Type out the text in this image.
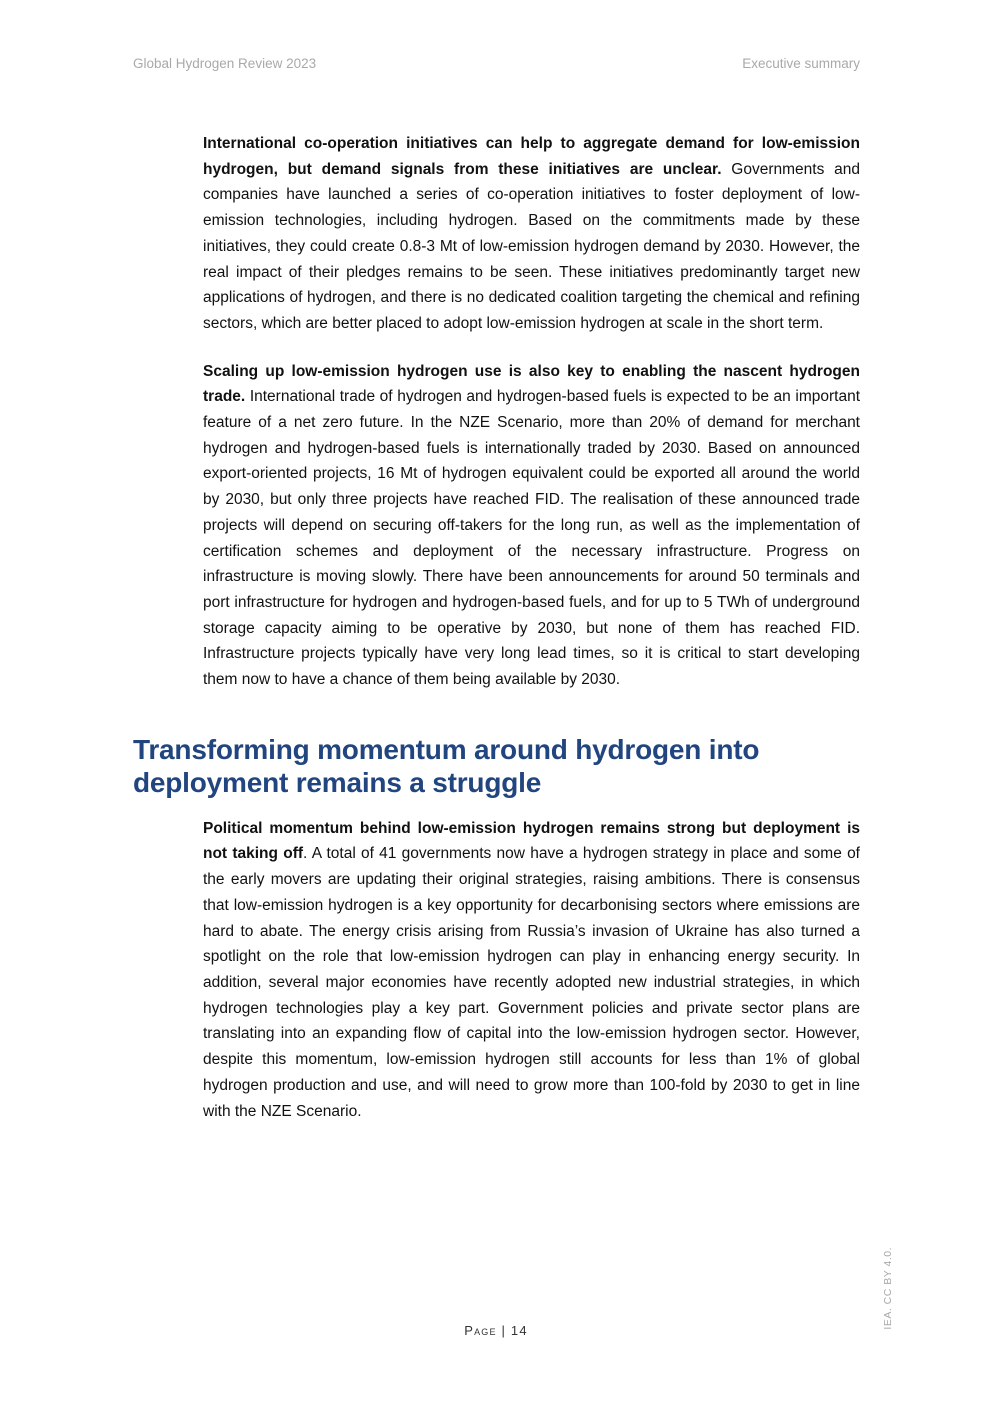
Global Hydrogen Review 2023	Executive summary

International co-operation initiatives can help to aggregate demand for low-emission hydrogen, but demand signals from these initiatives are unclear. Governments and companies have launched a series of co-operation initiatives to foster deployment of low-emission technologies, including hydrogen. Based on the commitments made by these initiatives, they could create 0.8-3 Mt of low-emission hydrogen demand by 2030. However, the real impact of their pledges remains to be seen. These initiatives predominantly target new applications of hydrogen, and there is no dedicated coalition targeting the chemical and refining sectors, which are better placed to adopt low-emission hydrogen at scale in the short term.

Scaling up low-emission hydrogen use is also key to enabling the nascent hydrogen trade. International trade of hydrogen and hydrogen-based fuels is expected to be an important feature of a net zero future. In the NZE Scenario, more than 20% of demand for merchant hydrogen and hydrogen-based fuels is internationally traded by 2030. Based on announced export-oriented projects, 16 Mt of hydrogen equivalent could be exported all around the world by 2030, but only three projects have reached FID. The realisation of these announced trade projects will depend on securing off-takers for the long run, as well as the implementation of certification schemes and deployment of the necessary infrastructure. Progress on infrastructure is moving slowly. There have been announcements for around 50 terminals and port infrastructure for hydrogen and hydrogen-based fuels, and for up to 5 TWh of underground storage capacity aiming to be operative by 2030, but none of them has reached FID. Infrastructure projects typically have very long lead times, so it is critical to start developing them now to have a chance of them being available by 2030.

Transforming momentum around hydrogen into deployment remains a struggle

Political momentum behind low-emission hydrogen remains strong but deployment is not taking off. A total of 41 governments now have a hydrogen strategy in place and some of the early movers are updating their original strategies, raising ambitions. There is consensus that low-emission hydrogen is a key opportunity for decarbonising sectors where emissions are hard to abate. The energy crisis arising from Russia’s invasion of Ukraine has also turned a spotlight on the role that low-emission hydrogen can play in enhancing energy security. In addition, several major economies have recently adopted new industrial strategies, in which hydrogen technologies play a key part. Government policies and private sector plans are translating into an expanding flow of capital into the low-emission hydrogen sector. However, despite this momentum, low-emission hydrogen still accounts for less than 1% of global hydrogen production and use, and will need to grow more than 100-fold by 2030 to get in line with the NZE Scenario.

Page | 14
IEA. CC BY 4.0.
